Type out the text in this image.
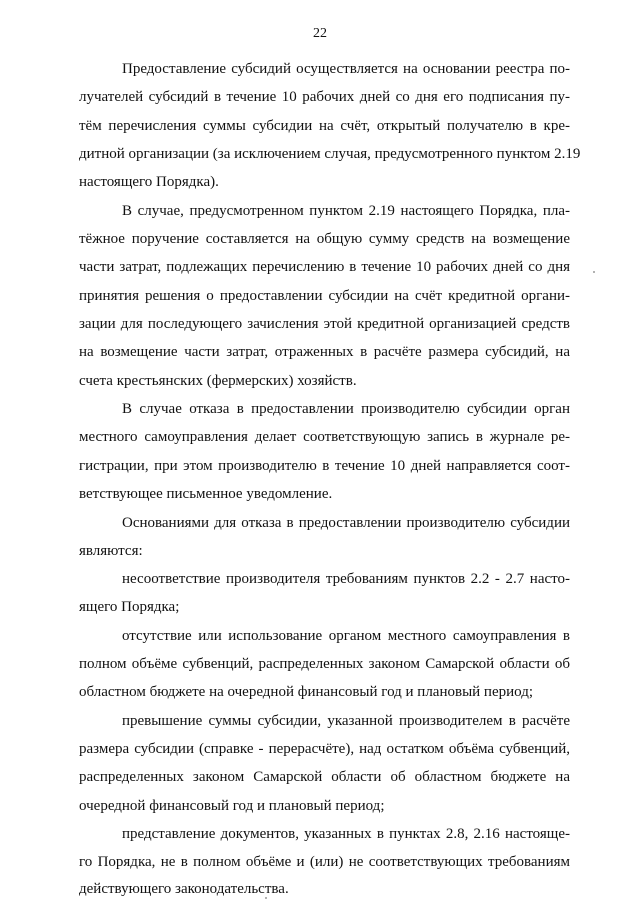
22
Предоставление субсидий осуществляется на основании реестра по-
лучателей субсидий в течение 10 рабочих дней со дня его подписания пу-
тём перечисления суммы субсидии на счёт, открытый получателю в кре-
дитной организации (за исключением случая, предусмотренного пунктом 2.19
настоящего Порядка).
В случае, предусмотренном пунктом 2.19 настоящего Порядка, пла-
тёжное поручение составляется на общую сумму средств на возмещение
части затрат, подлежащих перечислению в течение 10 рабочих дней со дня
принятия решения о предоставлении субсидии на счёт кредитной органи-
зации для последующего зачисления этой кредитной организацией средств
на возмещение части затрат, отраженных в расчёте размера субсидий, на
счета крестьянских (фермерских) хозяйств.
В случае отказа в предоставлении производителю субсидии орган
местного самоуправления делает соответствующую запись в журнале ре-
гистрации, при этом производителю в течение 10 дней направляется соот-
ветствующее письменное уведомление.
Основаниями для отказа в предоставлении производителю субсидии
являются:
несоответствие производителя требованиям пунктов 2.2 - 2.7 насто-
ящего Порядка;
отсутствие или использование органом местного самоуправления в
полном объёме субвенций, распределенных законом Самарской области об
областном бюджете на очередной финансовый год и плановый период;
превышение суммы субсидии, указанной производителем в расчёте
размера субсидии (справке - перерасчёте), над остатком объёма субвенций,
распределенных законом Самарской области об областном бюджете на
очередной финансовый год и плановый период;
представление документов, указанных в пунктах 2.8, 2.16 настояще-
го Порядка, не в полном объёме и (или) не соответствующих требованиям
действующего законодательства.
